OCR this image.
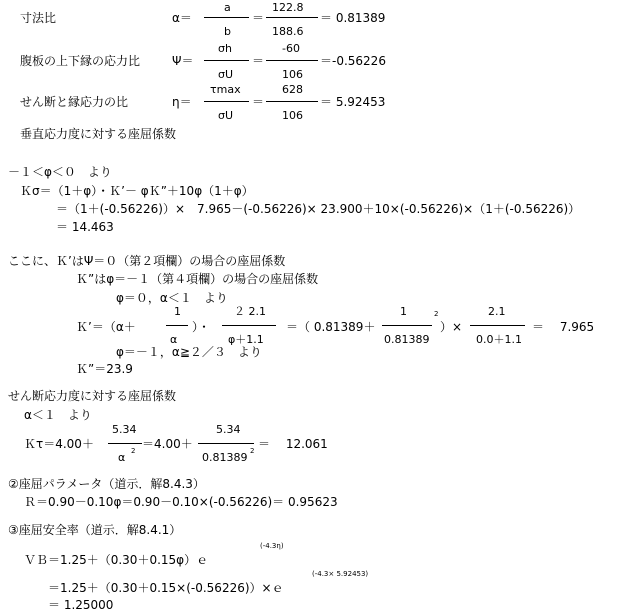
寸法比	α＝
a
b
＝
122.8
188.6
＝ 0.81389
腹板の上下縁の応力比	Ψ＝
σh
σU
＝
-60
106
＝-0.56226
せん断と縁応力の比	η＝
τmax
σU
＝
628
106
＝ 5.92453
垂直応力度に対する座屈係数
－１＜φ＜０　より
Ｋσ＝（1＋φ）・Ｋ’－ φＫ”＋10φ（1＋φ）
＝（1＋(-0.56226)）×　7.965－(-0.56226)× 23.900＋10×(-0.56226)×（1＋(-0.56226)）
＝ 14.463
ここに、Ｋ’はΨ＝０（第２項欄）の場合の座屈係数
Ｋ”はφ＝－１（第４項欄）の場合の座屈係数
φ＝０，α＜１　より
Ｋ’＝（α＋
1
α
）・
２ 2.1
φ＋1.1
＝（ 0.81389＋
1
0.81389
2
）×
2.1
0.0＋1.1
＝　 7.965
φ＝－１，α≧２／３　より
Ｋ”＝23.9
せん断応力度に対する座屈係数
α＜１　より
Ｋτ＝4.00＋
5.34
α 2 ＝4.00＋
5.34
0.81389 2 ＝　 12.061
②座屈パラメータ（道示．解8.4.3）
Ｒ＝0.90－0.10φ＝0.90－0.10×(-0.56226)＝ 0.95623
③座屈安全率（道示．解8.4.1）
ＶＢ＝1.25＋（0.30＋0.15φ）ｅ
(-4.3η)
＝1.25＋（0.30＋0.15×(-0.56226)）×ｅ
(-4.3× 5.92453)
＝ 1.25000
